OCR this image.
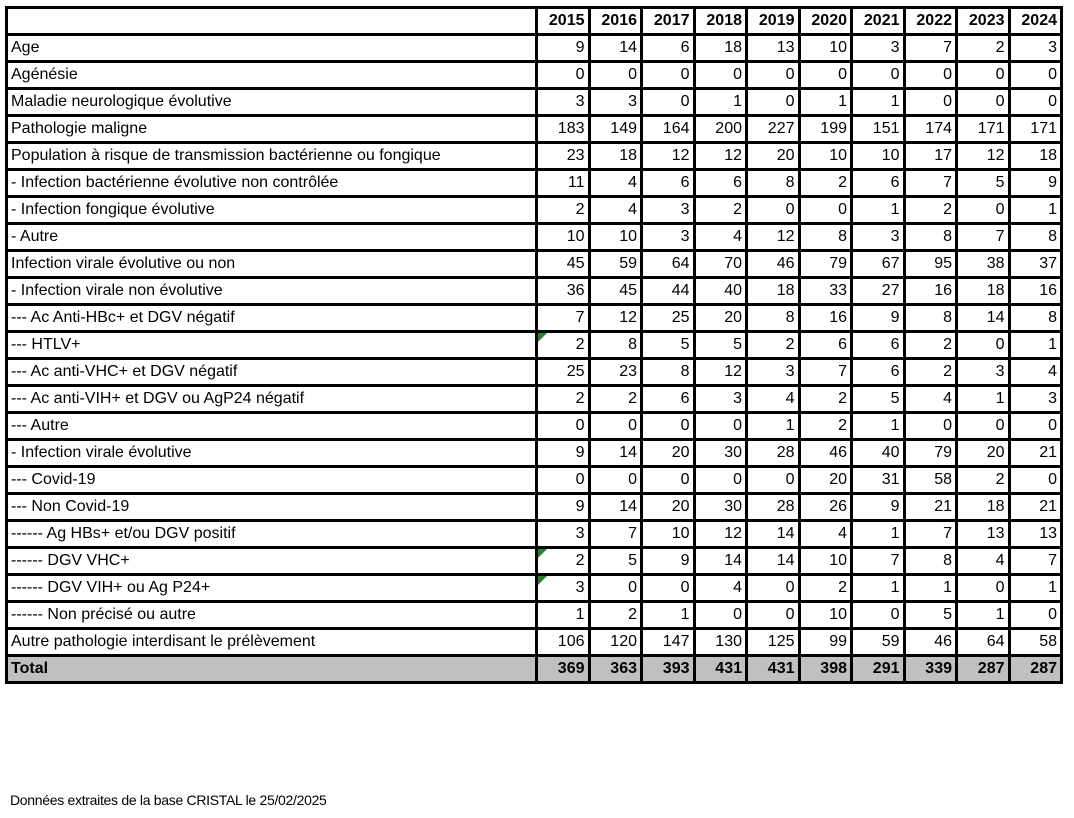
	2015	2016	2017	2018	2019	2020	2021	2022	2023	2024
Age	9	14	6	18	13	10	3	7	2	3
Agénésie	0	0	0	0	0	0	0	0	0	0
Maladie neurologique évolutive	3	3	0	1	0	1	1	0	0	0
Pathologie maligne	183	149	164	200	227	199	151	174	171	171
Population à risque de transmission bactérienne ou fongique	23	18	12	12	20	10	10	17	12	18
- Infection bactérienne évolutive non contrôlée	11	4	6	6	8	2	6	7	5	9
- Infection fongique évolutive	2	4	3	2	0	0	1	2	0	1
- Autre	10	10	3	4	12	8	3	8	7	8
Infection virale évolutive ou non	45	59	64	70	46	79	67	95	38	37
- Infection virale non évolutive	36	45	44	40	18	33	27	16	18	16
--- Ac Anti-HBc+ et DGV négatif	7	12	25	20	8	16	9	8	14	8
--- HTLV+	2	8	5	5	2	6	6	2	0	1
--- Ac anti-VHC+ et DGV négatif	25	23	8	12	3	7	6	2	3	4
--- Ac anti-VIH+ et DGV ou AgP24 négatif	2	2	6	3	4	2	5	4	1	3
--- Autre	0	0	0	0	1	2	1	0	0	0
- Infection virale évolutive	9	14	20	30	28	46	40	79	20	21
--- Covid-19	0	0	0	0	0	20	31	58	2	0
--- Non Covid-19	9	14	20	30	28	26	9	21	18	21
------ Ag HBs+ et/ou DGV positif	3	7	10	12	14	4	1	7	13	13
------ DGV VHC+	2	5	9	14	14	10	7	8	4	7
------ DGV VIH+ ou Ag P24+	3	0	0	4	0	2	1	1	0	1
------ Non précisé ou autre	1	2	1	0	0	10	0	5	1	0
Autre pathologie interdisant le prélèvement	106	120	147	130	125	99	59	46	64	58
Total	369	363	393	431	431	398	291	339	287	287
Données extraites de la base CRISTAL le 25/02/2025
